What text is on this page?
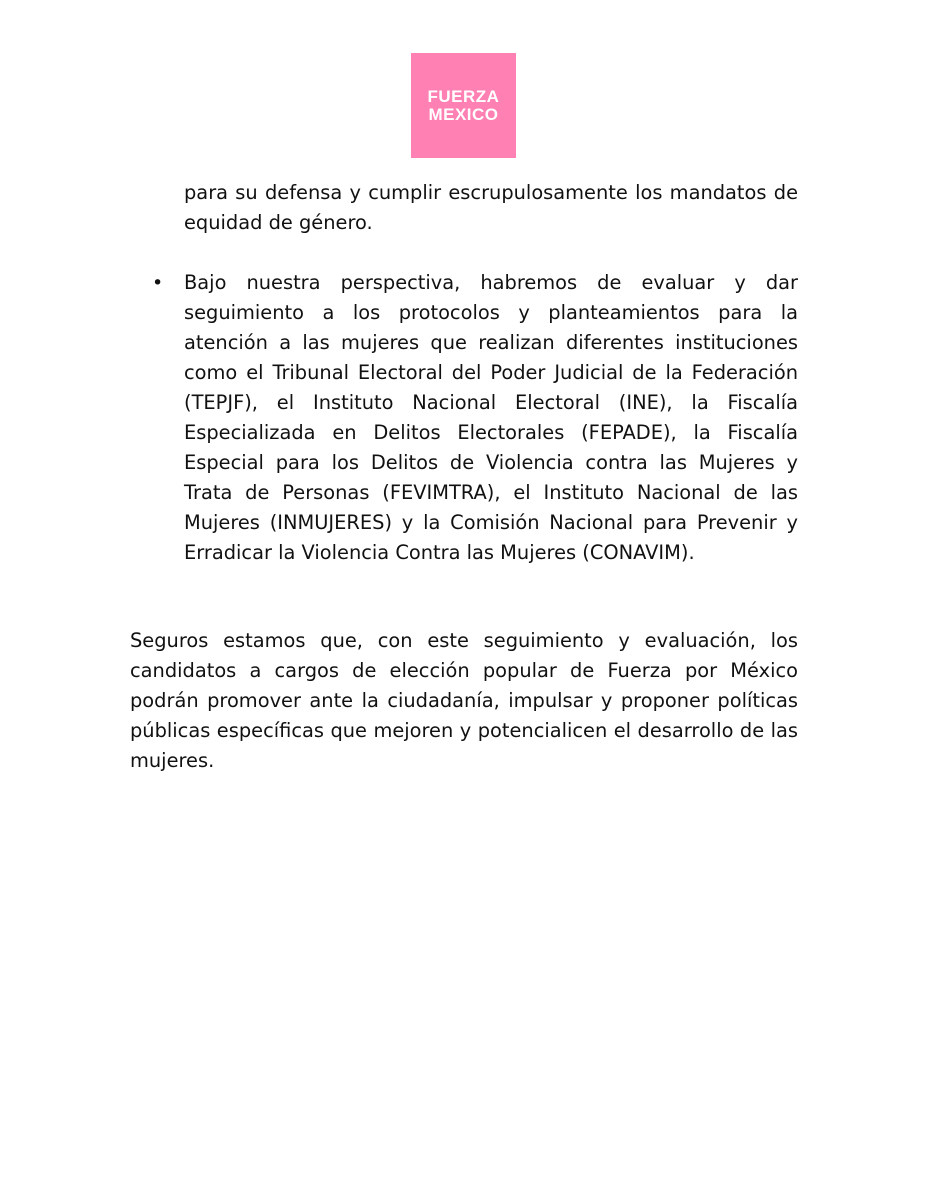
FUERZA
MEXICO

para su defensa y cumplir escrupulosamente los mandatos de equidad de género.

• Bajo nuestra perspectiva, habremos de evaluar y dar seguimiento a los protocolos y planteamientos para la atención a las mujeres que realizan diferentes instituciones como el Tribunal Electoral del Poder Judicial de la Federación (TEPJF), el Instituto Nacional Electoral (INE), la Fiscalía Especializada en Delitos Electorales (FEPADE), la Fiscalía Especial para los Delitos de Violencia contra las Mujeres y Trata de Personas (FEVIMTRA), el Instituto Nacional de las Mujeres (INMUJERES) y la Comisión Nacional para Prevenir y Erradicar la Violencia Contra las Mujeres (CONAVIM).

Seguros estamos que, con este seguimiento y evaluación, los candidatos a cargos de elección popular de Fuerza por México podrán promover ante la ciudadanía, impulsar y proponer políticas públicas específicas que mejoren y potencialicen el desarrollo de las mujeres.
